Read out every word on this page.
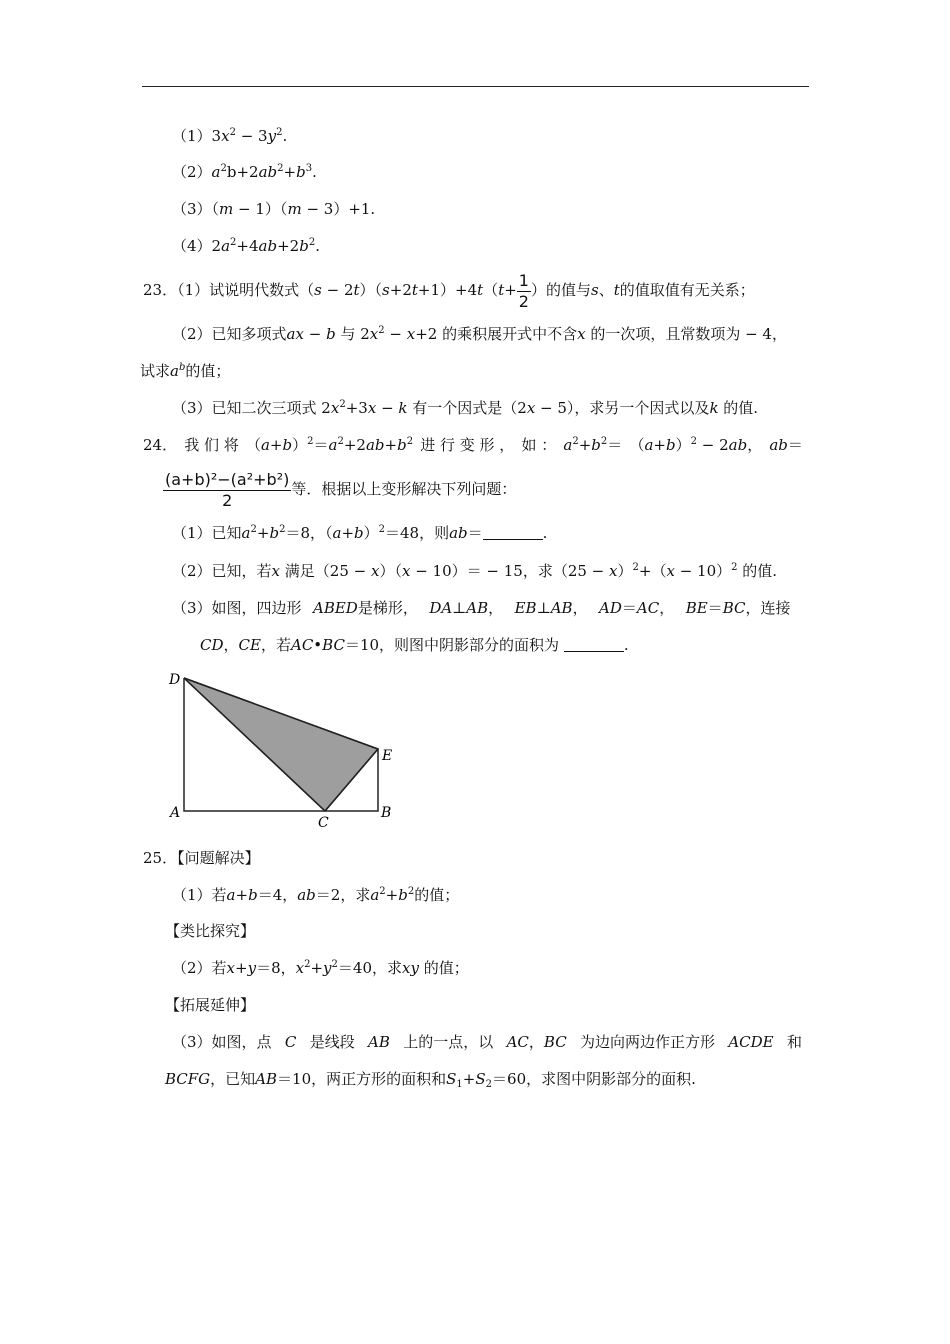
$(1)3x^2 - 3y^2$.
$(2)a^2b+2ab^2+b^3$.
（3）（m − 1）（m − 3）+1.
$(4)2a^2+4ab+2b^2$.
23．（1）试说明代数式$(s - 2t)(s+2t+1)+4t(t+ \frac{1}{2}$ ）的值与s、t的值取值有无关系；
（2）已知多项式ax − b 与 $2x^2 - x+2$ 的乘积展开式中不含x 的一次项，且常数项为 − 4，
试求$a^b$的值；
（3）已知二次三项式 $2x^2+3x - k$ 有一个因式是（2x − 5），求另一个因式以及k 的值.
24． 我 们 将 $(a+b)^2=a^2+2ab+b^2$ 进 行 变 形 ， 如 ： $a^2+b^2= (a+b)^2 - 2ab$， ab＝
$\frac{\text{(a+b)²−(a²+b²)}}{2}$ 等．根据以上变形解决下列问题：
（1）已知$a^2+b^2=8$，$(a+b)^2=48$，则ab＝	.
（2）已知，若x 满足（25 − x）（x − 10）＝ − 15，求$(25 - x)^2+(x - 10)^2$ 的值.
（3）如图，四边形 ABED是梯形， DA⊥AB， EB⊥AB， AD＝AC， BE＝BC，连接
CD，CE，若AC•BC＝10，则图中阴影部分的面积为	.
D
E
A	B
C
25．【问题解决】
（1）若a+b＝4，ab＝2，求$a^2+b^2$的值；
【类比探究】
（2）若x+y＝8，$x^2+y^2=40$，求xy 的值；
【拓展延伸】
（3）如图，点 C 是线段 AB 上的一点，以 AC，BC 为边向两边作正方形 ACDE 和
BCFG，已知AB＝10，两正方形的面积和$S_1+S_2=60$，求图中阴影部分的面积.
